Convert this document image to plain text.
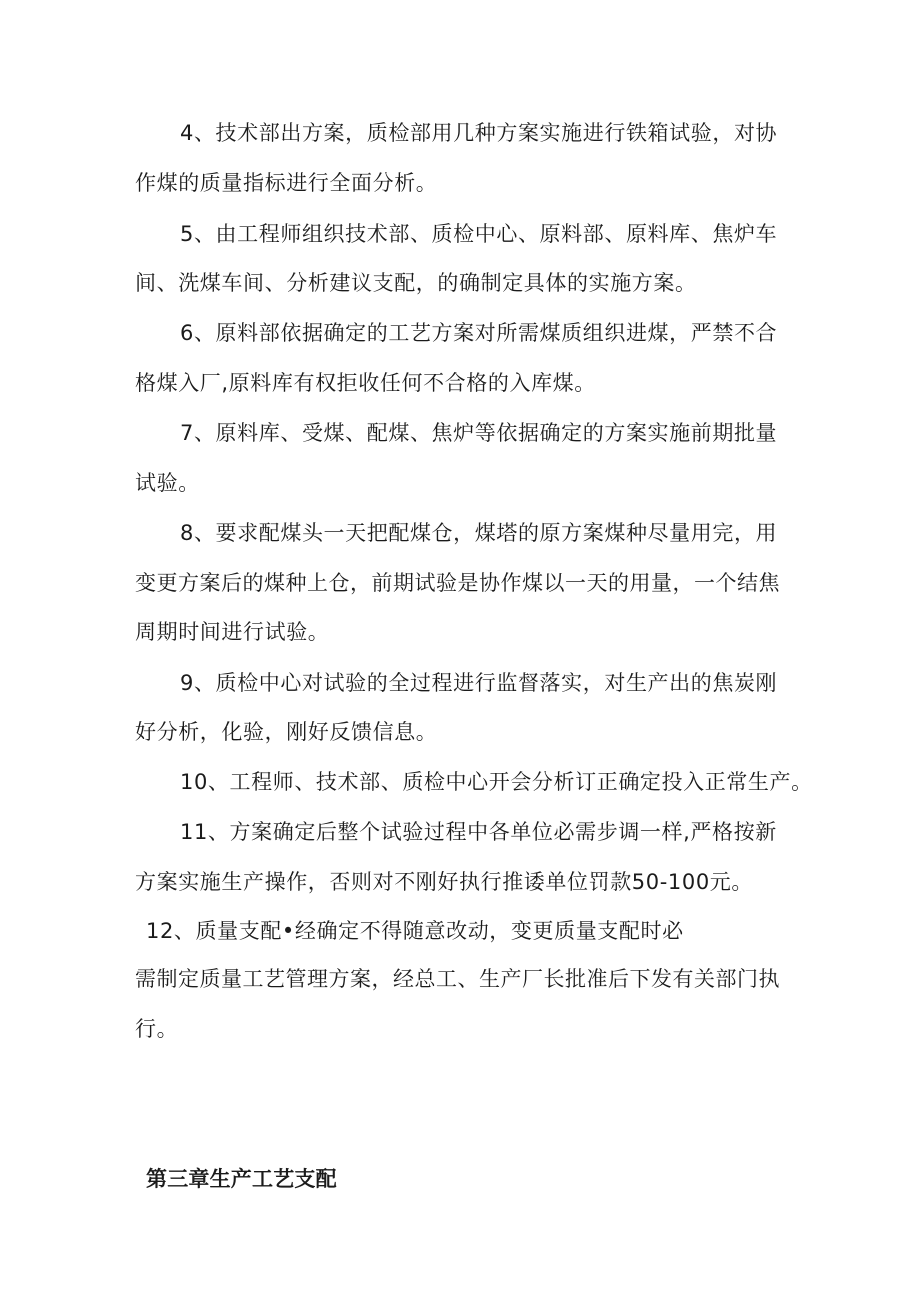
4、技术部出方案，质检部用几种方案实施进行铁箱试验，对协
作煤的质量指标进行全面分析。
5、由工程师组织技术部、质检中心、原料部、原料库、焦炉车
间、洗煤车间、分析建议支配，的确制定具体的实施方案。
6、原料部依据确定的工艺方案对所需煤质组织进煤，严禁不合
格煤入厂,原料库有权拒收任何不合格的入库煤。
7、原料库、受煤、配煤、焦炉等依据确定的方案实施前期批量
试验。
8、要求配煤头一天把配煤仓，煤塔的原方案煤种尽量用完，用
变更方案后的煤种上仓，前期试验是协作煤以一天的用量，一个结焦
周期时间进行试验。
9、质检中心对试验的全过程进行监督落实，对生产出的焦炭刚
好分析，化验，刚好反馈信息。
10、工程师、技术部、质检中心开会分析订正确定投入正常生产。
11、方案确定后整个试验过程中各单位必需步调一样,严格按新
方案实施生产操作，否则对不刚好执行推诿单位罚款50-100元。
12、质量支配•经确定不得随意改动，变更质量支配时必
需制定质量工艺管理方案，经总工、生产厂长批准后下发有关部门执
行。
第三章生产工艺支配
